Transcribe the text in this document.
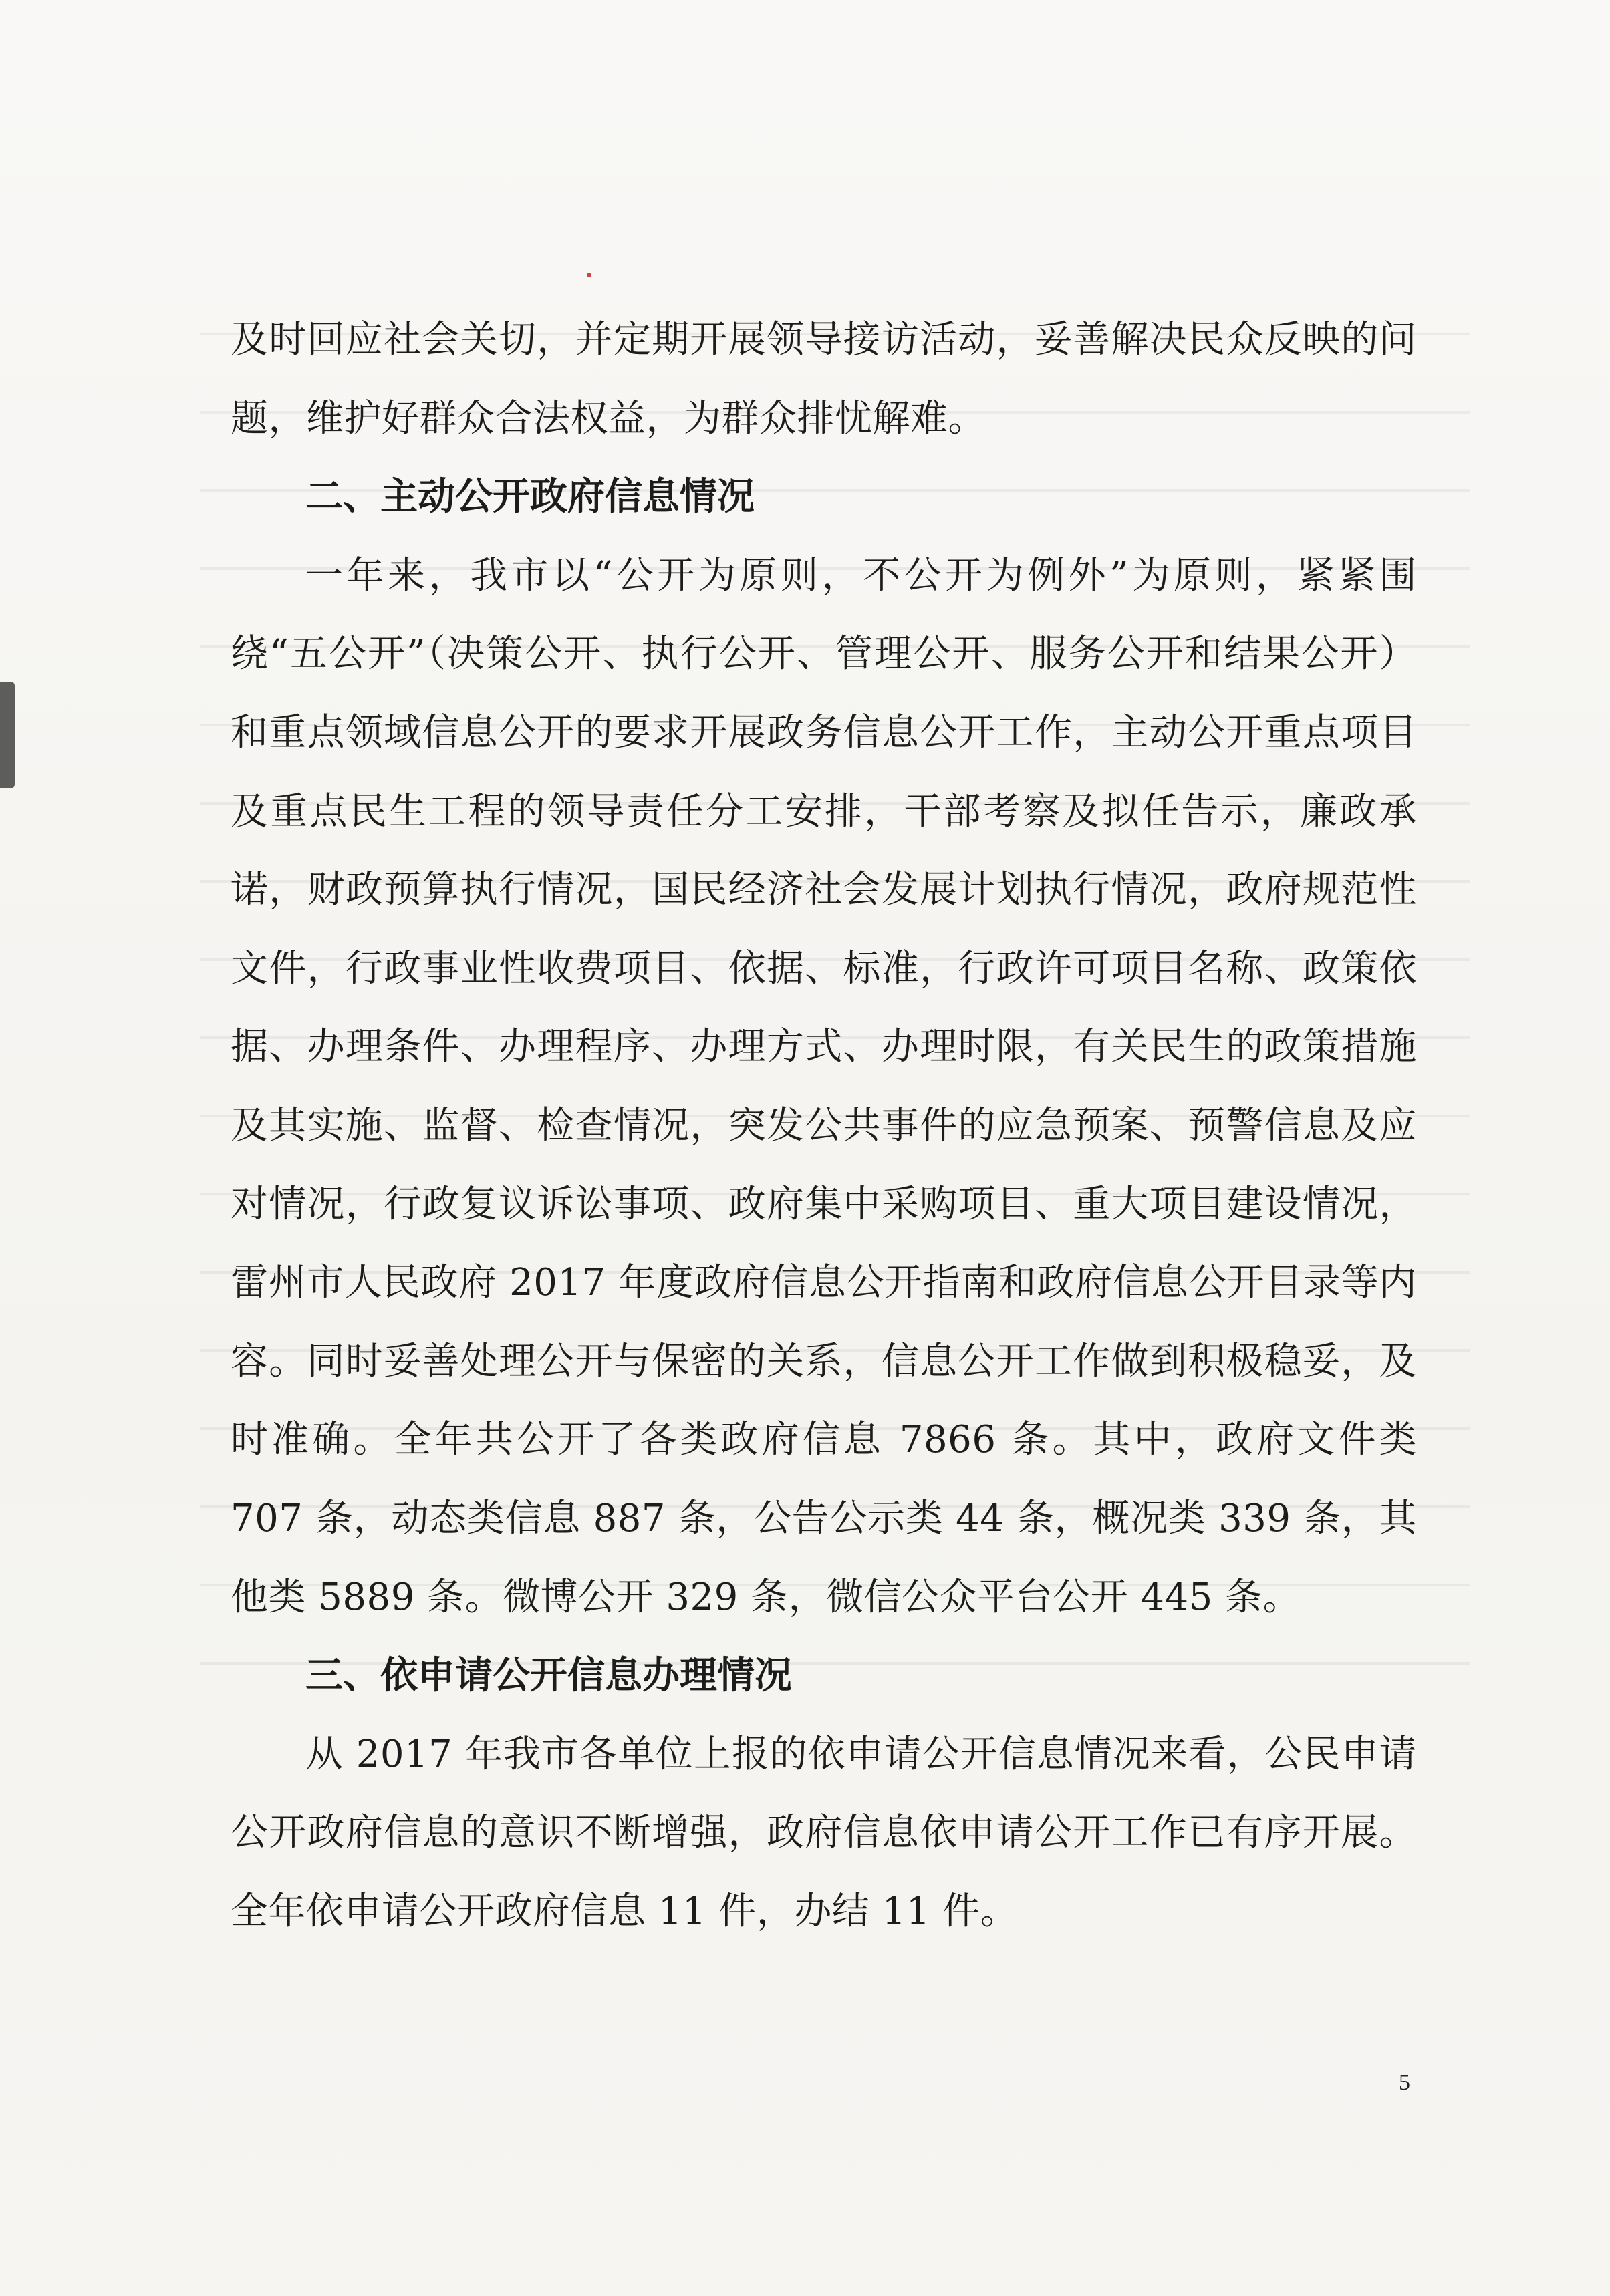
及时回应社会关切，并定期开展领导接访活动，妥善解决民众反映的问题，维护好群众合法权益，为群众排忧解难。

二、主动公开政府信息情况

一年来，我市以“公开为原则，不公开为例外”为原则，紧紧围绕“五公开”（决策公开、执行公开、管理公开、服务公开和结果公开）和重点领域信息公开的要求开展政务信息公开工作，主动公开重点项目及重点民生工程的领导责任分工安排，干部考察及拟任告示，廉政承诺，财政预算执行情况，国民经济社会发展计划执行情况，政府规范性文件，行政事业性收费项目、依据、标准，行政许可项目名称、政策依据、办理条件、办理程序、办理方式、办理时限，有关民生的政策措施及其实施、监督、检查情况，突发公共事件的应急预案、预警信息及应对情况，行政复议诉讼事项、政府集中采购项目、重大项目建设情况，雷州市人民政府 2017 年度政府信息公开指南和政府信息公开目录等内容。同时妥善处理公开与保密的关系，信息公开工作做到积极稳妥，及时准确。全年共公开了各类政府信息 7866 条。其中，政府文件类 707 条，动态类信息 887 条，公告公示类 44 条，概况类 339 条，其他类 5889 条。微博公开 329 条，微信公众平台公开 445 条。

三、依申请公开信息办理情况

从 2017 年我市各单位上报的依申请公开信息情况来看，公民申请公开政府信息的意识不断增强，政府信息依申请公开工作已有序开展。全年依申请公开政府信息 11 件，办结 11 件。

5
